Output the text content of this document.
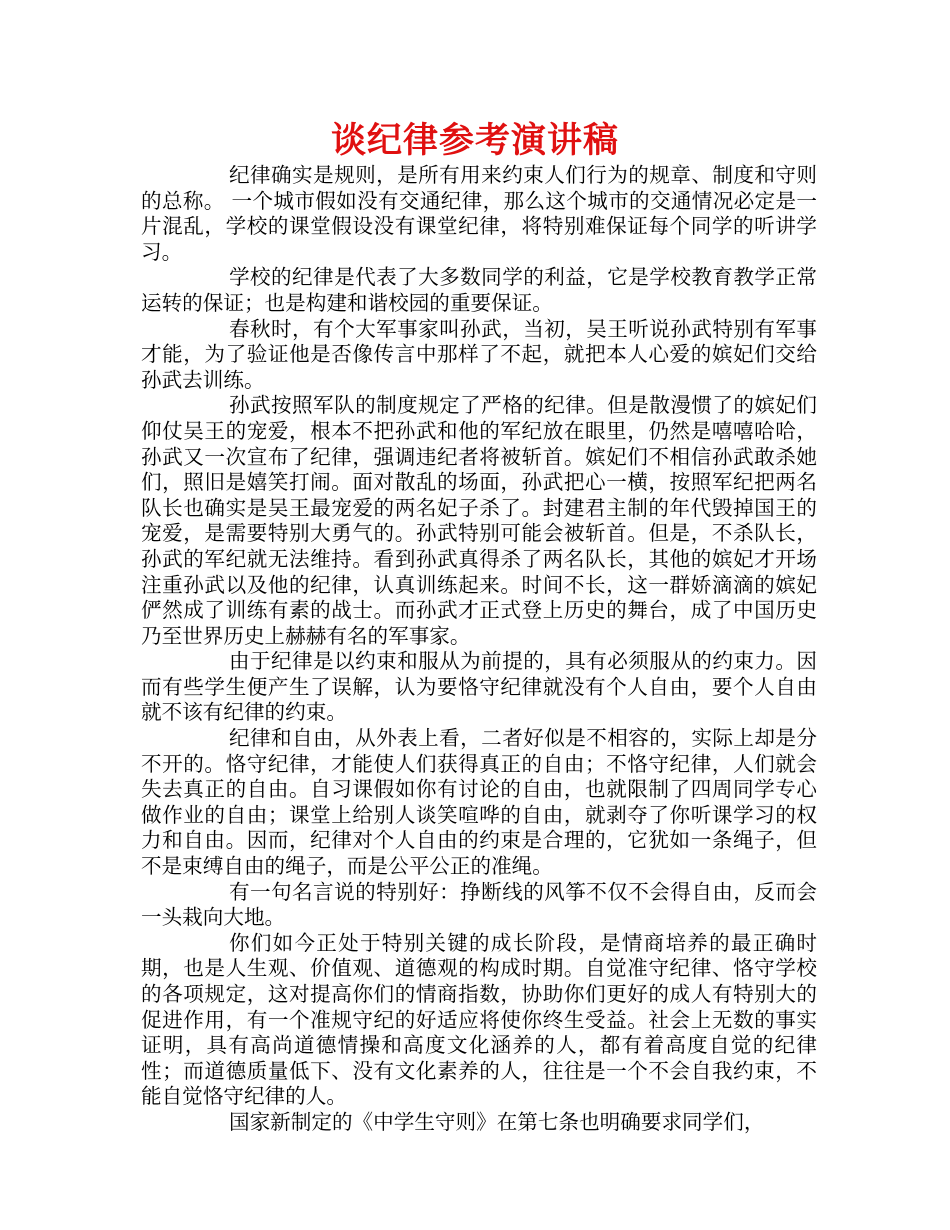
谈纪律参考演讲稿

纪律确实是规则，是所有用来约束人们行为的规章、制度和守则的总称。 一个城市假如没有交通纪律，那么这个城市的交通情况必定是一片混乱，学校的课堂假设没有课堂纪律，将特别难保证每个同学的听讲学习。

学校的纪律是代表了大多数同学的利益，它是学校教育教学正常运转的保证；也是构建和谐校园的重要保证。

春秋时，有个大军事家叫孙武，当初，吴王听说孙武特别有军事才能，为了验证他是否像传言中那样了不起，就把本人心爱的嫔妃们交给孙武去训练。

孙武按照军队的制度规定了严格的纪律。但是散漫惯了的嫔妃们仰仗吴王的宠爱，根本不把孙武和他的军纪放在眼里，仍然是嘻嘻哈哈，孙武又一次宣布了纪律，强调违纪者将被斩首。嫔妃们不相信孙武敢杀她们，照旧是嬉笑打闹。面对散乱的场面，孙武把心一横，按照军纪把两名队长也确实是吴王最宠爱的两名妃子杀了。封建君主制的年代毁掉国王的宠爱，是需要特别大勇气的。孙武特别可能会被斩首。但是，不杀队长，孙武的军纪就无法维持。看到孙武真得杀了两名队长，其他的嫔妃才开场注重孙武以及他的纪律，认真训练起来。时间不长，这一群娇滴滴的嫔妃俨然成了训练有素的战士。而孙武才正式登上历史的舞台，成了中国历史乃至世界历史上赫赫有名的军事家。

由于纪律是以约束和服从为前提的，具有必须服从的约束力。因而有些学生便产生了误解，认为要恪守纪律就没有个人自由，要个人自由就不该有纪律的约束。

纪律和自由，从外表上看，二者好似是不相容的，实际上却是分不开的。恪守纪律，才能使人们获得真正的自由；不恪守纪律，人们就会失去真正的自由。自习课假如你有讨论的自由，也就限制了四周同学专心做作业的自由；课堂上给别人谈笑喧哗的自由，就剥夺了你听课学习的权力和自由。因而，纪律对个人自由的约束是合理的，它犹如一条绳子，但不是束缚自由的绳子，而是公平公正的准绳。

有一句名言说的特别好：挣断线的风筝不仅不会得自由，反而会一头栽向大地。

你们如今正处于特别关键的成长阶段，是情商培养的最正确时期，也是人生观、价值观、道德观的构成时期。自觉准守纪律、恪守学校的各项规定，这对提高你们的情商指数，协助你们更好的成人有特别大的促进作用，有一个准规守纪的好适应将使你终生受益。社会上无数的事实证明，具有高尚道德情操和高度文化涵养的人，都有着高度自觉的纪律性；而道德质量低下、没有文化素养的人，往往是一个不会自我约束，不能自觉恪守纪律的人。

国家新制定的《中学生守则》在第七条也明确要求同学们，
